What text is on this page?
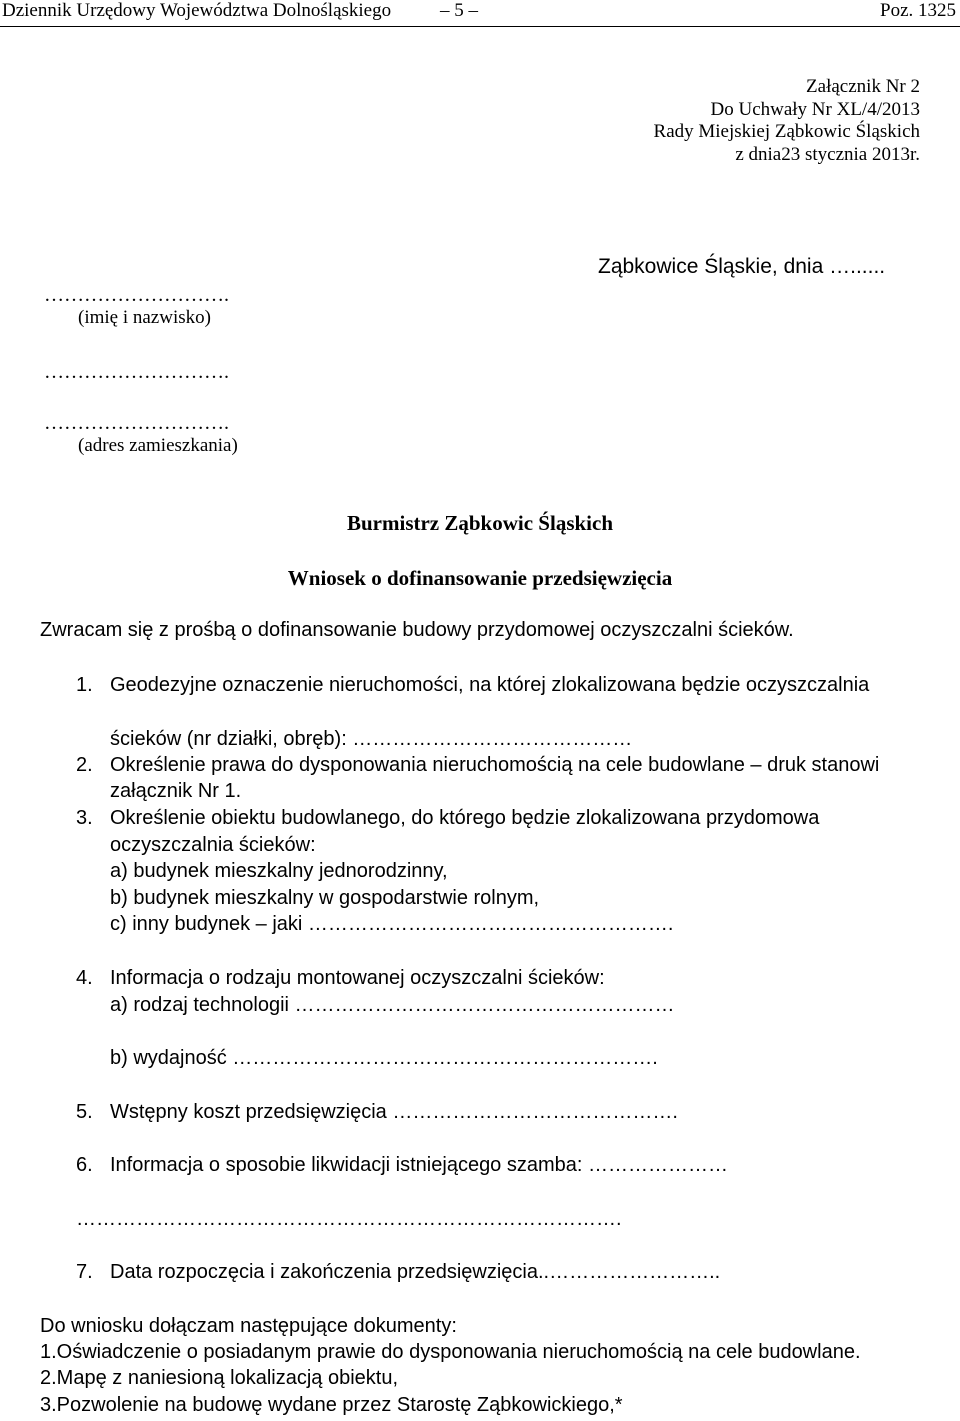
Dziennik Urzędowy Województwa Dolnośląskiego	– 5 –	Poz. 1325
Załącznik Nr 2
Do Uchwały Nr XL/4/2013
Rady Miejskiej Ząbkowic Śląskich
z dnia23 stycznia 2013r.
Ząbkowice Śląskie, dnia …......
……………………….
(imię i nazwisko)
……………………….
……………………….
(adres zamieszkania)
Burmistrz Ząbkowic Śląskich
Wniosek o dofinansowanie przedsięwzięcia
Zwracam się z prośbą o dofinansowanie budowy przydomowej oczyszczalni ścieków.
1. Geodezyjne oznaczenie nieruchomości, na której zlokalizowana będzie oczyszczalnia
ścieków (nr działki, obręb): ……………………………………
2. Określenie prawa do dysponowania nieruchomością na cele budowlane – druk stanowi
załącznik Nr 1.
3. Określenie obiektu budowlanego, do którego będzie zlokalizowana przydomowa
oczyszczalnia ścieków:
a) budynek mieszkalny jednorodzinny,
b) budynek mieszkalny w gospodarstwie rolnym,
c) inny budynek – jaki ……………………………………………….
4. Informacja o rodzaju montowanej oczyszczalni ścieków:
a) rodzaj technologii …………………………………………………
b) wydajność ……………………………………………………….
5. Wstępny koszt przedsięwzięcia …………………………………….
6. Informacja o sposobie likwidacji istniejącego szamba: …………………
……………………………………………………………………….
7. Data rozpoczęcia i zakończenia przedsięwzięcia..……………………..
Do wniosku dołączam następujące dokumenty:
1.Oświadczenie o posiadanym prawie do dysponowania nieruchomością na cele budowlane.
2.Mapę z naniesioną lokalizacją obiektu,
3.Pozwolenie na budowę wydane przez Starostę Ząbkowickiego,*
